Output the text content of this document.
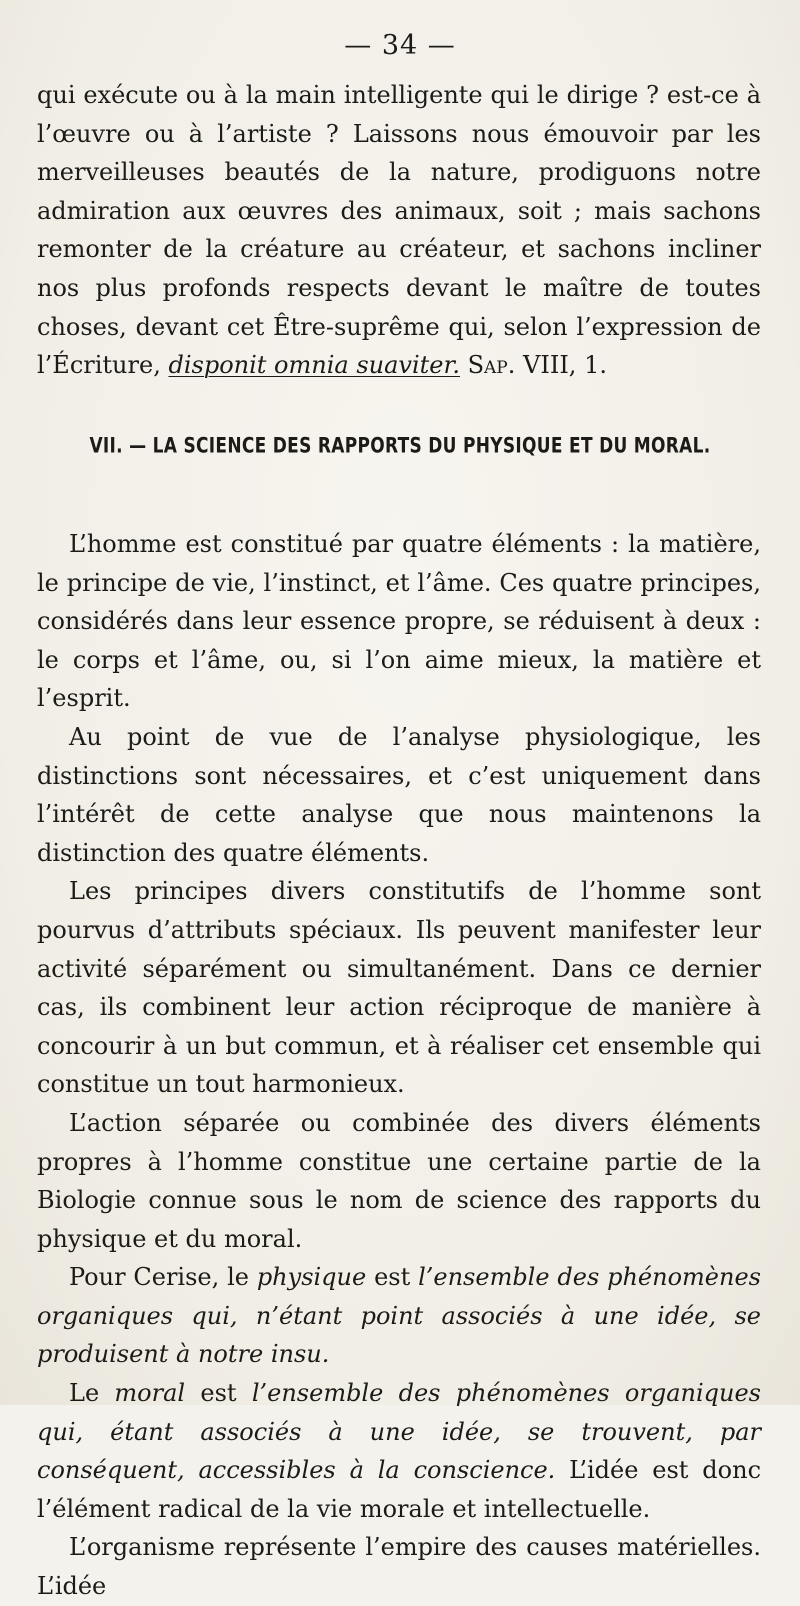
— 34 —

qui exécute ou à la main intelligente qui le dirige ? est-ce à l’œuvre ou à l’artiste ? Laissons nous émouvoir par les merveilleuses beautés de la nature, prodiguons notre admiration aux œuvres des animaux, soit ; mais sachons remonter de la créature au créateur, et sachons incliner nos plus profonds respects devant le maître de toutes choses, devant cet Être-suprême qui, selon l’expression de l’Écriture, disponit omnia suaviter. Sap. VIII, 1.

VII. — LA SCIENCE DES RAPPORTS DU PHYSIQUE ET DU MORAL.

L’homme est constitué par quatre éléments : la matière, le principe de vie, l’instinct, et l’âme. Ces quatre principes, considérés dans leur essence propre, se réduisent à deux : le corps et l’âme, ou, si l’on aime mieux, la matière et l’esprit.

Au point de vue de l’analyse physiologique, les distinctions sont nécessaires, et c’est uniquement dans l’intérêt de cette analyse que nous maintenons la distinction des quatre éléments.

Les principes divers constitutifs de l’homme sont pourvus d’attributs spéciaux. Ils peuvent manifester leur activité séparément ou simultanément. Dans ce dernier cas, ils combinent leur action réciproque de manière à concourir à un but commun, et à réaliser cet ensemble qui constitue un tout harmonieux.

L’action séparée ou combinée des divers éléments propres à l’homme constitue une certaine partie de la Biologie connue sous le nom de science des rapports du physique et du moral.

Pour Cerise, le physique est l’ensemble des phénomènes organiques qui, n’étant point associés à une idée, se produisent à notre insu.

Le moral est l’ensemble des phénomènes organiques qui, étant associés à une idée, se trouvent, par conséquent, accessibles à la conscience. L’idée est donc l’élément radical de la vie morale et intellectuelle.

L’organisme représente l’empire des causes matérielles. L’idée
